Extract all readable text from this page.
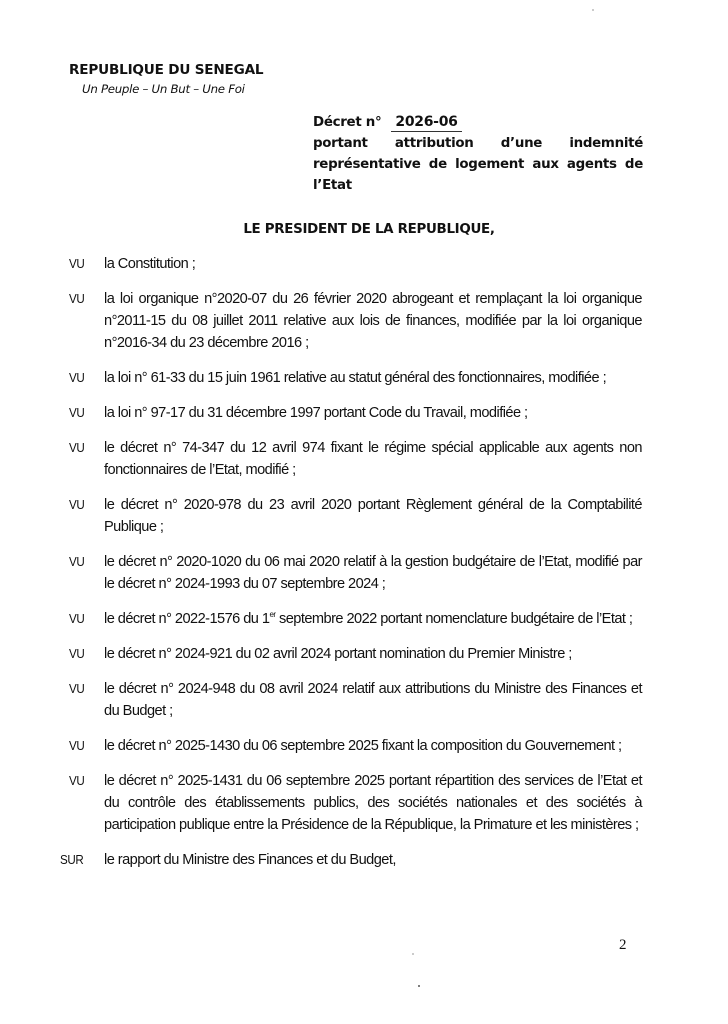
REPUBLIQUE DU SENEGAL
Un Peuple – Un But – Une Foi
Décret n° 2026-06
portant attribution d’une indemnité représentative de logement aux agents de l’Etat
LE PRESIDENT DE LA REPUBLIQUE,
VU la Constitution ;
VU la loi organique n°2020-07 du 26 février 2020 abrogeant et remplaçant la loi organique n°2011-15 du 08 juillet 2011 relative aux lois de finances, modifiée par la loi organique n°2016-34 du 23 décembre 2016 ;
VU la loi n° 61-33 du 15 juin 1961 relative au statut général des fonctionnaires, modifiée ;
VU la loi n° 97-17 du 31 décembre 1997 portant Code du Travail, modifiée ;
VU le décret n° 74-347 du 12 avril 974 fixant le régime spécial applicable aux agents non fonctionnaires de l’Etat, modifié ;
VU le décret n° 2020-978 du 23 avril 2020 portant Règlement général de la Comptabilité Publique ;
VU le décret n° 2020-1020 du 06 mai 2020 relatif à la gestion budgétaire de l’Etat, modifié par le décret n° 2024-1993 du 07 septembre 2024 ;
VU le décret n° 2022-1576 du 1er septembre 2022 portant nomenclature budgétaire de l’Etat ;
VU le décret n° 2024-921 du 02 avril 2024 portant nomination du Premier Ministre ;
VU le décret n° 2024-948 du 08 avril 2024 relatif aux attributions du Ministre des Finances et du Budget ;
VU le décret n° 2025-1430 du 06 septembre 2025 fixant la composition du Gouvernement ;
VU le décret n° 2025-1431 du 06 septembre 2025 portant répartition des services de l’Etat et du contrôle des établissements publics, des sociétés nationales et des sociétés à participation publique entre la Présidence de la République, la Primature et les ministères ;
SUR le rapport du Ministre des Finances et du Budget,
2
